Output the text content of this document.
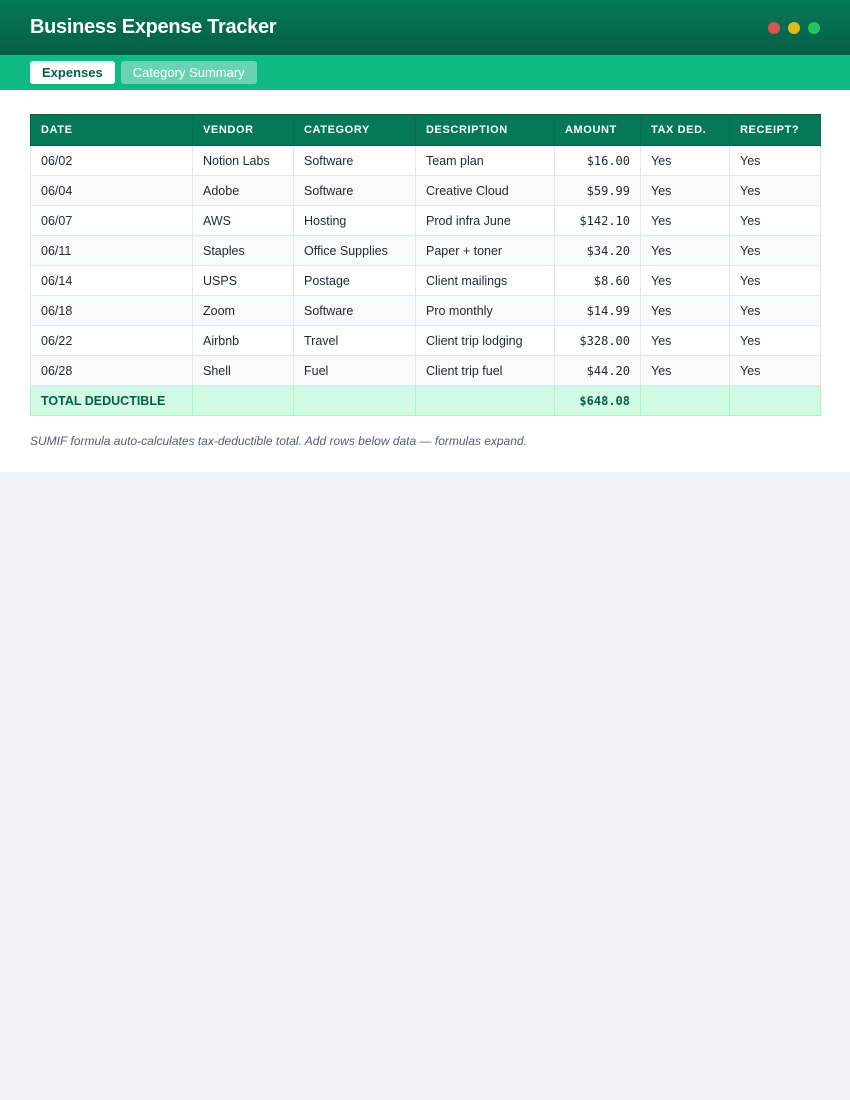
Business Expense Tracker
Expenses	Category Summary
DATE	VENDOR	CATEGORY	DESCRIPTION	AMOUNT	TAX DED.	RECEIPT?
06/02	Notion Labs	Software	Team plan	$16.00	Yes	Yes
06/04	Adobe	Software	Creative Cloud	$59.99	Yes	Yes
06/07	AWS	Hosting	Prod infra June	$142.10	Yes	Yes
06/11	Staples	Office Supplies	Paper + toner	$34.20	Yes	Yes
06/14	USPS	Postage	Client mailings	$8.60	Yes	Yes
06/18	Zoom	Software	Pro monthly	$14.99	Yes	Yes
06/22	Airbnb	Travel	Client trip lodging	$328.00	Yes	Yes
06/28	Shell	Fuel	Client trip fuel	$44.20	Yes	Yes
TOTAL DEDUCTIBLE				$648.08		

SUMIF formula auto-calculates tax-deductible total. Add rows below data — formulas expand.
